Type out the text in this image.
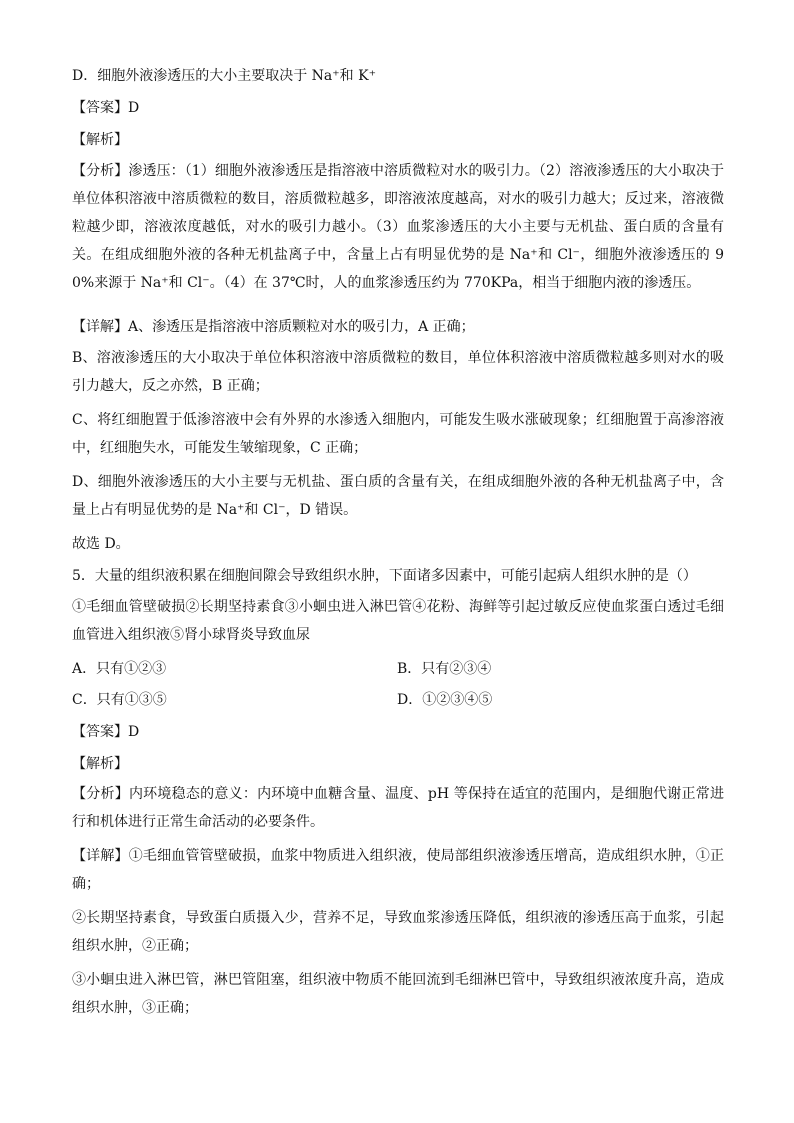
D．细胞外液渗透压的大小主要取决于 Na⁺和 K⁺

【答案】D

【解析】

【分析】渗透压：（1）细胞外液渗透压是指溶液中溶质微粒对水的吸引力。（2）溶液渗透压的大小取决于单位体积溶液中溶质微粒的数目，溶质微粒越多，即溶液浓度越高，对水的吸引力越大；反过来，溶液微粒越少即，溶液浓度越低，对水的吸引力越小。（3）血浆渗透压的大小主要与无机盐、蛋白质的含量有关。在组成细胞外液的各种无机盐离子中，含量上占有明显优势的是 Na⁺和 Cl⁻，细胞外液渗透压的 90%来源于 Na⁺和 Cl⁻。（4）在 37℃时，人的血浆渗透压约为 770KPa，相当于细胞内液的渗透压。

【详解】A、渗透压是指溶液中溶质颗粒对水的吸引力，A 正确；

B、溶液渗透压的大小取决于单位体积溶液中溶质微粒的数目，单位体积溶液中溶质微粒越多则对水的吸引力越大，反之亦然，B 正确；

C、将红细胞置于低渗溶液中会有外界的水渗透入细胞内，可能发生吸水涨破现象；红细胞置于高渗溶液中，红细胞失水，可能发生皱缩现象，C 正确；

D、细胞外液渗透压的大小主要与无机盐、蛋白质的含量有关，在组成细胞外液的各种无机盐离子中，含量上占有明显优势的是 Na⁺和 Cl⁻，D 错误。

故选 D。

5．大量的组织液积累在细胞间隙会导致组织水肿，下面诸多因素中，可能引起病人组织水肿的是（）

①毛细血管壁破损②长期坚持素食③小蛔虫进入淋巴管④花粉、海鲜等引起过敏反应使血浆蛋白透过毛细血管进入组织液⑤肾小球肾炎导致血尿

A．只有①②③	B．只有②③④
C．只有①③⑤	D．①②③④⑤

【答案】D

【解析】

【分析】内环境稳态的意义：内环境中血糖含量、温度、pH 等保持在适宜的范围内，是细胞代谢正常进行和机体进行正常生命活动的必要条件。

【详解】①毛细血管管壁破损，血浆中物质进入组织液，使局部组织液渗透压增高，造成组织水肿，①正确；

②长期坚持素食，导致蛋白质摄入少，营养不足，导致血浆渗透压降低，组织液的渗透压高于血浆，引起组织水肿，②正确；

③小蛔虫进入淋巴管，淋巴管阻塞，组织液中物质不能回流到毛细淋巴管中，导致组织液浓度升高，造成组织水肿，③正确；
